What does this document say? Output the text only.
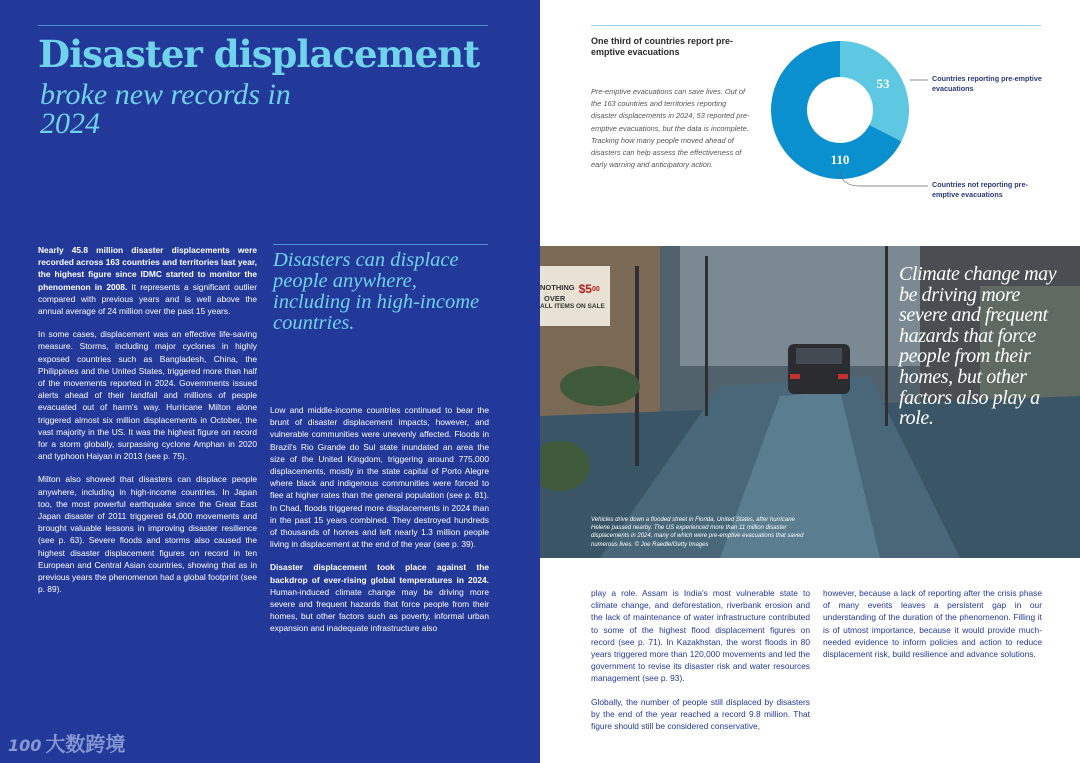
Disaster displacement
broke new records in 2024

Nearly 45.8 million disaster displacements were recorded across 163 countries and territories last year, the highest figure since IDMC started to monitor the phenomenon in 2008. It represents a significant outlier compared with previous years and is well above the annual average of 24 million over the past 15 years.

In some cases, displacement was an effective life-saving measure. Storms, including major cyclones in highly exposed countries such as Bangladesh, China, the Philippines and the United States, triggered more than half of the movements reported in 2024. Governments issued alerts ahead of their landfall and millions of people evacuated out of harm's way. Hurricane Milton alone triggered almost six million displacements in October, the vast majority in the US. It was the highest figure on record for a storm globally, surpassing cyclone Amphan in 2020 and typhoon Haiyan in 2013 (see p. 75).

Milton also showed that disasters can displace people anywhere, including in high-income countries. In Japan too, the most powerful earthquake since the Great East Japan disaster of 2011 triggered 64,000 movements and brought valuable lessons in improving disaster resilience (see p. 63). Severe floods and storms also caused the highest disaster displacement figures on record in ten European and Central Asian countries, showing that as in previous years the phenomenon had a global footprint (see p. 89).

Disasters can displace people anywhere, including in high-income countries.

Low and middle-income countries continued to bear the brunt of disaster displacement impacts, however, and vulnerable communities were unevenly affected. Floods in Brazil's Rio Grande do Sul state inundated an area the size of the United Kingdom, triggering around 775,000 displacements, mostly in the state capital of Porto Alegre where black and indigenous communities were forced to flee at higher rates than the general population (see p. 81). In Chad, floods triggered more displacements in 2024 than in the past 15 years combined. They destroyed hundreds of thousands of homes and left nearly 1.3 million people living in displacement at the end of the year (see p. 39).

Disaster displacement took place against the backdrop of ever-rising global temperatures in 2024. Human-induced climate change may be driving more severe and frequent hazards that force people from their homes, but other factors such as poverty, informal urban expansion and inadequate infrastructure also

100 大数跨境
One third of countries report pre-emptive evacuations
Pre-emptive evacuations can save lives. Out of the 163 countries and territories reporting disaster displacements in 2024, 53 reported pre-emptive evacuations, but the data is incomplete. Tracking how many people moved ahead of disasters can help assess the effectiveness of early warning and anticipatory action.
53
110
Countries reporting pre-emptive evacuations
Countries not reporting pre-emptive evacuations
NOTHING $\$5^{00}$
OVER
ALL ITEMS ON SALE
Climate change may be driving more severe and frequent hazards that force people from their homes, but other factors also play a role.
Vehicles drive down a flooded street in Florida, United States, after hurricane Helene passed nearby. The US experienced more than 11 million disaster displacements in 2024, many of which were pre-emptive evacuations that saved numerous lives. © Joe Raedle/Getty Images

play a role. Assam is India's most vulnerable state to climate change, and deforestation, riverbank erosion and the lack of maintenance of water infrastructure contributed to some of the highest flood displacement figures on record (see p. 71). In Kazakhstan, the worst floods in 80 years triggered more than 120,000 movements and led the government to revise its disaster risk and water resources management (see p. 93).

Globally, the number of people still displaced by disasters by the end of the year reached a record 9.8 million. That figure should still be considered conservative,

however, because a lack of reporting after the crisis phase of many events leaves a persistent gap in our understanding of the duration of the phenomenon. Filling it is of utmost importance, because it would provide much-needed evidence to inform policies and action to reduce displacement risk, build resilience and advance solutions.
